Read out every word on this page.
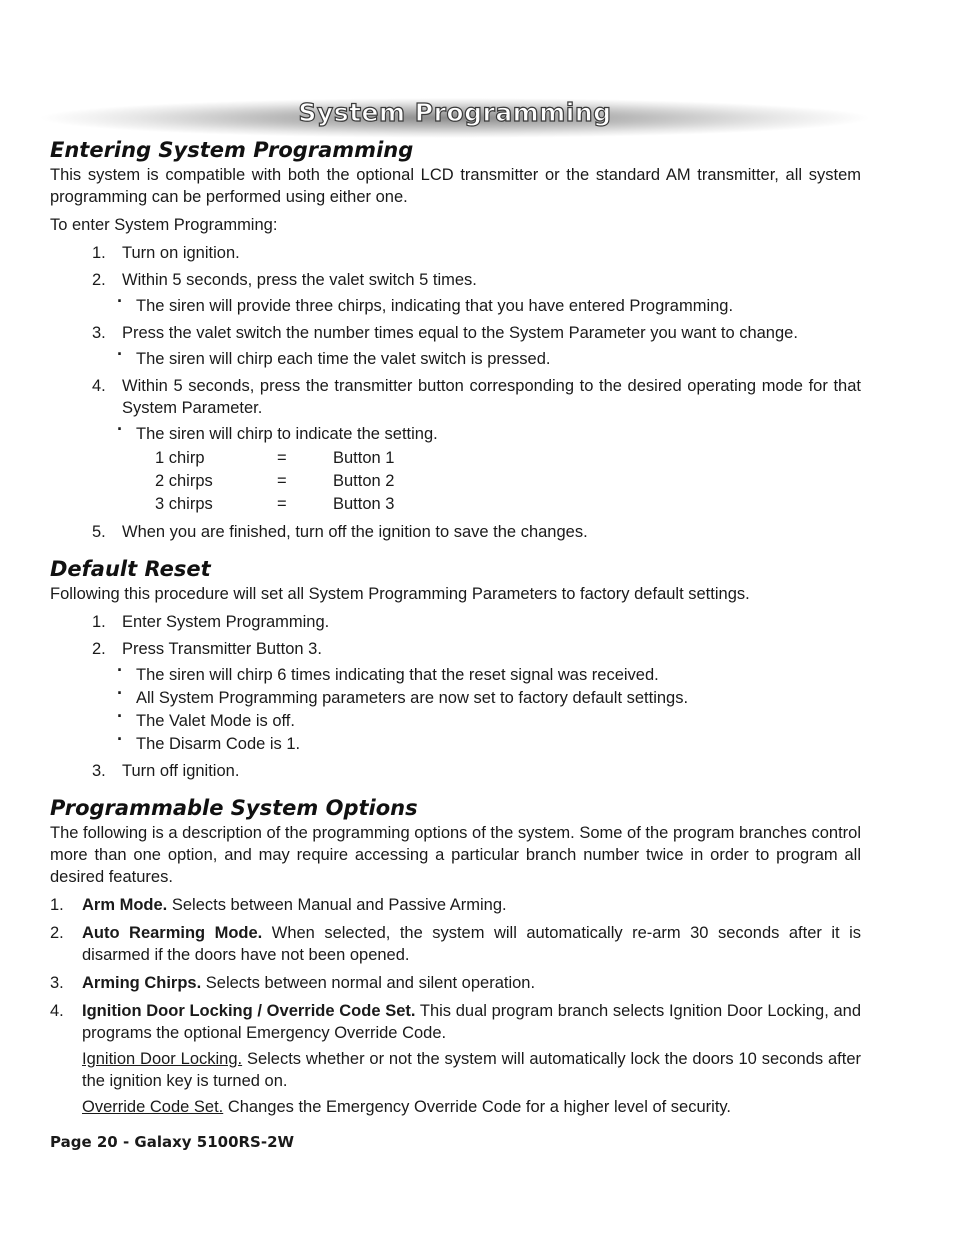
System Programming
Entering System Programming

This system is compatible with both the optional LCD transmitter or the standard AM transmitter, all system programming can be performed using either one.

To enter System Programming:

1. Turn on ignition.
2. Within 5 seconds, press the valet switch 5 times.
· The siren will provide three chirps, indicating that you have entered Programming.
3. Press the valet switch the number times equal to the System Parameter you want to change.
· The siren will chirp each time the valet switch is pressed.
4. Within 5 seconds, press the transmitter button corresponding to the desired operating mode for that System Parameter.
· The siren will chirp to indicate the setting.
1 chirp	=	Button 1
2 chirps	=	Button 2
3 chirps	=	Button 3
5. When you are finished, turn off the ignition to save the changes.
Default Reset

Following this procedure will set all System Programming Parameters to factory default settings.

1. Enter System Programming.
2. Press Transmitter Button 3.
· The siren will chirp 6 times indicating that the reset signal was received.
· All System Programming parameters are now set to factory default settings.
· The Valet Mode is off.
· The Disarm Code is 1.
3. Turn off ignition.
Programmable System Options

The following is a description of the programming options of the system. Some of the program branches control more than one option, and may require accessing a particular branch number twice in order to program all desired features.

1. Arm Mode. Selects between Manual and Passive Arming.
2. Auto Rearming Mode. When selected, the system will automatically re-arm 30 seconds after it is disarmed if the doors have not been opened.
3. Arming Chirps. Selects between normal and silent operation.
4. Ignition Door Locking / Override Code Set. This dual program branch selects Ignition Door Locking, and programs the optional Emergency Override Code.
Ignition Door Locking. Selects whether or not the system will automatically lock the doors 10 seconds after the ignition key is turned on.
Override Code Set. Changes the Emergency Override Code for a higher level of security.
Page 20 - Galaxy 5100RS-2W
